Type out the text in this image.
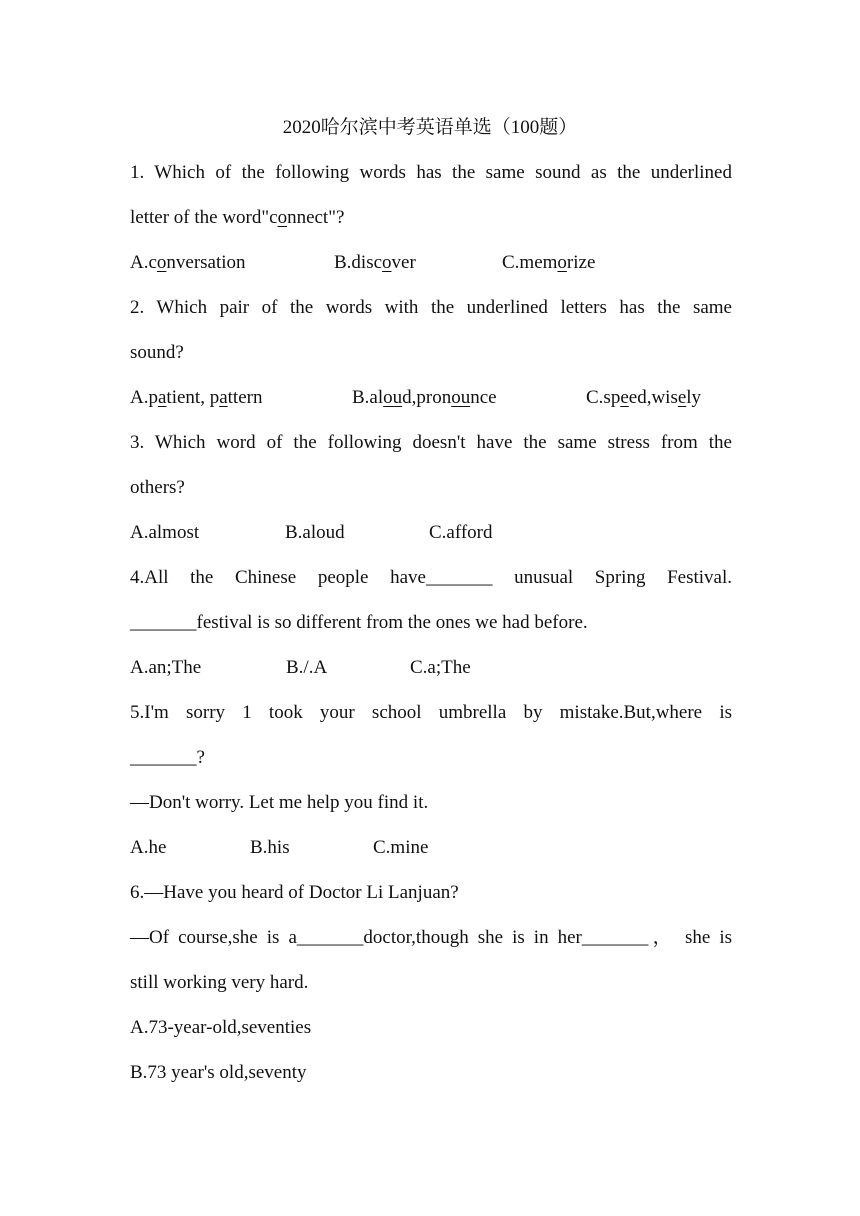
2020哈尔滨中考英语单选（100题）
1. Which of the following words has the same sound as the underlined
letter of the word"connect"?
A.conversation	B.discover	C.memorize
2. Which pair of the words with the underlined letters has the same
sound?
A.patient, pattern	B.aloud,pronounce	C.speed,wisely
3. Which word of the following doesn't have the same stress from the
others?
A.almost	B.aloud	C.afford
4.All the Chinese people have_______ unusual Spring Festival.
_______festival is so different from the ones we had before.
A.an;The	B./.A	C.a;The
5.I'm sorry 1 took your school umbrella by mistake.But,where is
_______?
—Don't worry. Let me help you find it.
A.he	B.his	C.mine
6.—Have you heard of Doctor Li Lanjuan?
—Of course,she is a_______doctor,though she is in her_______， she is
still working very hard.
A.73-year-old,seventies
B.73 year's old,seventy
